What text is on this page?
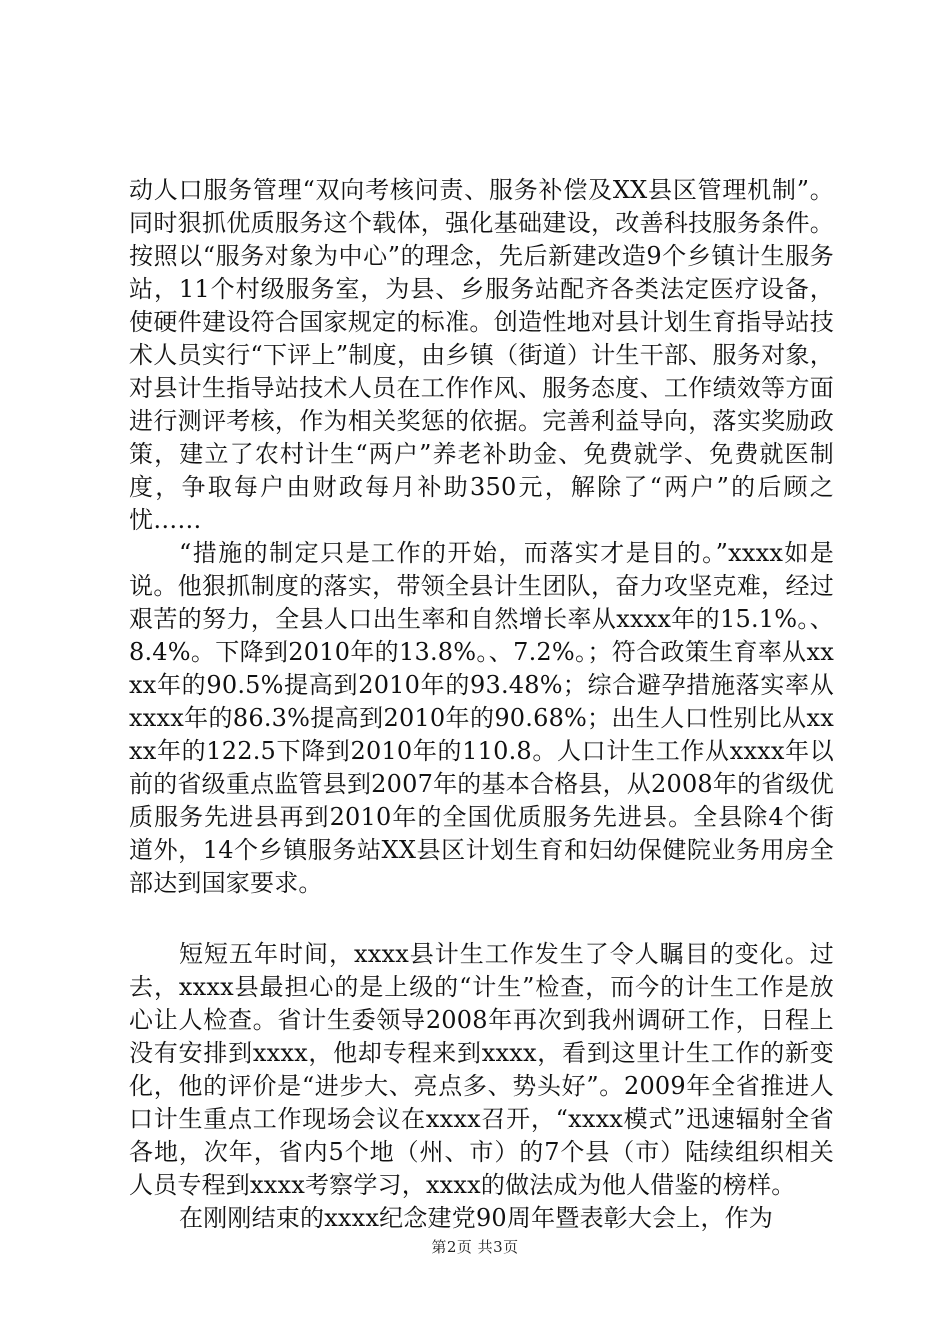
动人口服务管理“双向考核问责、服务补偿及XX县区管理机制”。同时狠抓优质服务这个载体，强化基础建设，改善科技服务条件。按照以“服务对象为中心”的理念，先后新建改造9个乡镇计生服务站，11个村级服务室，为县、乡服务站配齐各类法定医疗设备，使硬件建设符合国家规定的标准。创造性地对县计划生育指导站技术人员实行“下评上”制度，由乡镇（街道）计生干部、服务对象，对县计生指导站技术人员在工作作风、服务态度、工作绩效等方面进行测评考核，作为相关奖惩的依据。完善利益导向，落实奖励政策，建立了农村计生“两户”养老补助金、免费就学、免费就医制度，争取每户由财政每月补助350元，解除了“两户”的后顾之忧……

“措施的制定只是工作的开始，而落实才是目的。”xxxx如是说。他狠抓制度的落实，带领全县计生团队，奋力攻坚克难，经过艰苦的努力，全县人口出生率和自然增长率从xxxx年的15.1%。、8.4%。下降到2010年的13.8%。、7.2%。；符合政策生育率从xxxx年的90.5%提高到2010年的93.48%；综合避孕措施落实率从xxxx年的86.3%提高到2010年的90.68%；出生人口性别比从xxxx年的122.5下降到2010年的110.8。人口计生工作从xxxx年以前的省级重点监管县到2007年的基本合格县，从2008年的省级优质服务先进县再到2010年的全国优质服务先进县。全县除4个街道外，14个乡镇服务站XX县区计划生育和妇幼保健院业务用房全部达到国家要求。

短短五年时间，xxxx县计生工作发生了令人瞩目的变化。过去，xxxx县最担心的是上级的“计生”检查，而今的计生工作是放心让人检查。省计生委领导2008年再次到我州调研工作，日程上没有安排到xxxx，他却专程来到xxxx，看到这里计生工作的新变化，他的评价是“进步大、亮点多、势头好”。2009年全省推进人口计生重点工作现场会议在xxxx召开，“xxxx模式”迅速辐射全省各地，次年，省内5个地（州、市）的7个县（市）陆续组织相关人员专程到xxxx考察学习，xxxx的做法成为他人借鉴的榜样。

在刚刚结束的xxxx纪念建党90周年暨表彰大会上，作为

第2页 共3页
